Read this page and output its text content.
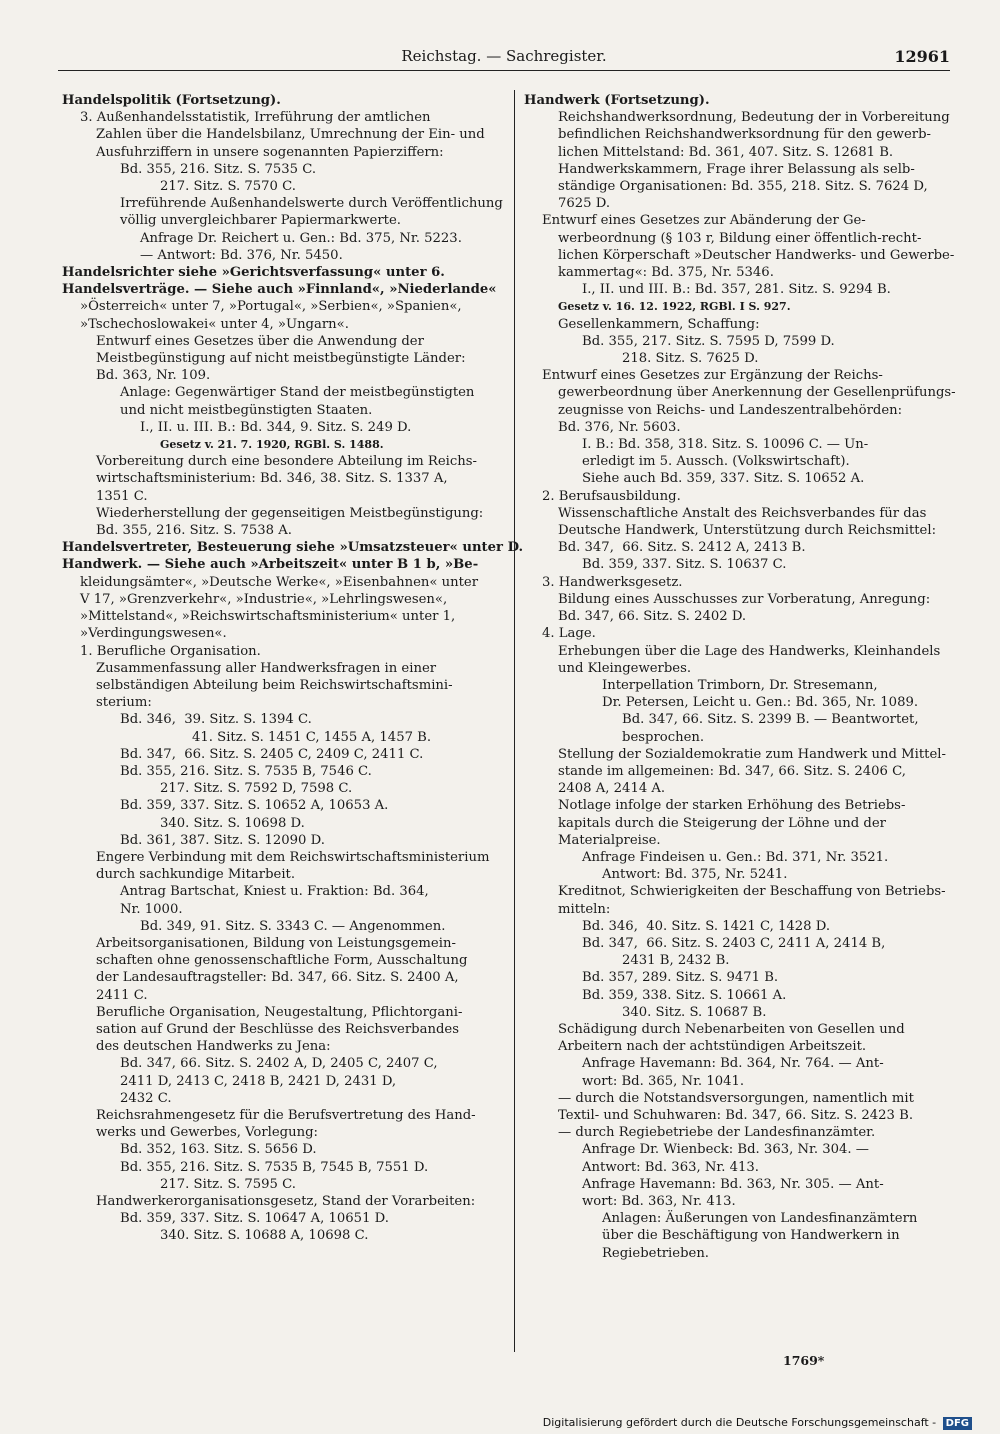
Reichstag. — Sachregister.	12961
Handelspolitik (Fortsetzung).
3. Außenhandelsstatistik, Irreführung der amtlichen
Zahlen über die Handelsbilanz, Umrechnung der Ein- und
Ausfuhrziffern in unsere sogenannten Papierziffern:
Bd. 355, 216. Sitz. S. 7535 C.
217. Sitz. S. 7570 C.
Irreführende Außenhandelswerte durch Veröffentlichung
völlig unvergleichbarer Papiermarkwerte.
Anfrage Dr. Reichert u. Gen.: Bd. 375, Nr. 5223.
— Antwort: Bd. 376, Nr. 5450.
Handelsrichter siehe »Gerichtsverfassung« unter 6.
Handelsverträge. — Siehe auch »Finnland«, »Niederlande«
»Österreich« unter 7, »Portugal«, »Serbien«, »Spanien«,
»Tschechoslowakei« unter 4, »Ungarn«.
Entwurf eines Gesetzes über die Anwendung der
Meistbegünstigung auf nicht meistbegünstigte Länder:
Bd. 363, Nr. 109.
Anlage: Gegenwärtiger Stand der meistbegünstigten
und nicht meistbegünstigten Staaten.
I., II. u. III. B.: Bd. 344, 9. Sitz. S. 249 D.
Gesetz v. 21. 7. 1920, RGBl. S. 1488.
Vorbereitung durch eine besondere Abteilung im Reichs-
wirtschaftsministerium: Bd. 346, 38. Sitz. S. 1337 A,
1351 C.
Wiederherstellung der gegenseitigen Meistbegünstigung:
Bd. 355, 216. Sitz. S. 7538 A.
Handelsvertreter, Besteuerung siehe »Umsatzsteuer« unter D.
Handwerk. — Siehe auch »Arbeitszeit« unter B 1 b, »Be-
kleidungsämter«, »Deutsche Werke«, »Eisenbahnen« unter
V 17, »Grenzverkehr«, »Industrie«, »Lehrlingswesen«,
»Mittelstand«, »Reichswirtschaftsministerium« unter 1,
»Verdingungswesen«.
1. Berufliche Organisation.
Zusammenfassung aller Handwerksfragen in einer
selbständigen Abteilung beim Reichswirtschaftsmini-
sterium:
Bd. 346,  39. Sitz. S. 1394 C.
41. Sitz. S. 1451 C, 1455 A, 1457 B.
Bd. 347,  66. Sitz. S. 2405 C, 2409 C, 2411 C.
Bd. 355, 216. Sitz. S. 7535 B, 7546 C.
217. Sitz. S. 7592 D, 7598 C.
Bd. 359, 337. Sitz. S. 10652 A, 10653 A.
340. Sitz. S. 10698 D.
Bd. 361, 387. Sitz. S. 12090 D.
Engere Verbindung mit dem Reichswirtschaftsministerium
durch sachkundige Mitarbeit.
Antrag Bartschat, Kniest u. Fraktion: Bd. 364,
Nr. 1000.
Bd. 349, 91. Sitz. S. 3343 C. — Angenommen.
Arbeitsorganisationen, Bildung von Leistungsgemein-
schaften ohne genossenschaftliche Form, Ausschaltung
der Landesauftragsteller: Bd. 347, 66. Sitz. S. 2400 A,
2411 C.
Berufliche Organisation, Neugestaltung, Pflichtorgani-
sation auf Grund der Beschlüsse des Reichsverbandes
des deutschen Handwerks zu Jena:
Bd. 347, 66. Sitz. S. 2402 A, D, 2405 C, 2407 C,
2411 D, 2413 C, 2418 B, 2421 D, 2431 D,
2432 C.
Reichsrahmengesetz für die Berufsvertretung des Hand-
werks und Gewerbes, Vorlegung:
Bd. 352, 163. Sitz. S. 5656 D.
Bd. 355, 216. Sitz. S. 7535 B, 7545 B, 7551 D.
217. Sitz. S. 7595 C.
Handwerkerorganisationsgesetz, Stand der Vorarbeiten:
Bd. 359, 337. Sitz. S. 10647 A, 10651 D.
340. Sitz. S. 10688 A, 10698 C.
Handwerk (Fortsetzung).
Reichshandwerksordnung, Bedeutung der in Vorbereitung
befindlichen Reichshandwerksordnung für den gewerb-
lichen Mittelstand: Bd. 361, 407. Sitz. S. 12681 B.
Handwerkskammern, Frage ihrer Belassung als selb-
ständige Organisationen: Bd. 355, 218. Sitz. S. 7624 D,
7625 D.
Entwurf eines Gesetzes zur Abänderung der Ge-
werbeordnung (§ 103 r, Bildung einer öffentlich-recht-
lichen Körperschaft »Deutscher Handwerks- und Gewerbe-
kammertag«: Bd. 375, Nr. 5346.
I., II. und III. B.: Bd. 357, 281. Sitz. S. 9294 B.
Gesetz v. 16. 12. 1922, RGBl. I S. 927.
Gesellenkammern, Schaffung:
Bd. 355, 217. Sitz. S. 7595 D, 7599 D.
218. Sitz. S. 7625 D.
Entwurf eines Gesetzes zur Ergänzung der Reichs-
gewerbeordnung über Anerkennung der Gesellenprüfungs-
zeugnisse von Reichs- und Landeszentralbehörden:
Bd. 376, Nr. 5603.
I. B.: Bd. 358, 318. Sitz. S. 10096 C. — Un-
erledigt im 5. Aussch. (Volkswirtschaft).
Siehe auch Bd. 359, 337. Sitz. S. 10652 A.
2. Berufsausbildung.
Wissenschaftliche Anstalt des Reichsverbandes für das
Deutsche Handwerk, Unterstützung durch Reichsmittel:
Bd. 347,  66. Sitz. S. 2412 A, 2413 B.
Bd. 359, 337. Sitz. S. 10637 C.
3. Handwerksgesetz.
Bildung eines Ausschusses zur Vorberatung, Anregung:
Bd. 347, 66. Sitz. S. 2402 D.
4. Lage.
Erhebungen über die Lage des Handwerks, Kleinhandels
und Kleingewerbes.
Interpellation Trimborn, Dr. Stresemann,
Dr. Petersen, Leicht u. Gen.: Bd. 365, Nr. 1089.
Bd. 347, 66. Sitz. S. 2399 B. — Beantwortet,
besprochen.
Stellung der Sozialdemokratie zum Handwerk und Mittel-
stande im allgemeinen: Bd. 347, 66. Sitz. S. 2406 C,
2408 A, 2414 A.
Notlage infolge der starken Erhöhung des Betriebs-
kapitals durch die Steigerung der Löhne und der
Materialpreise.
Anfrage Findeisen u. Gen.: Bd. 371, Nr. 3521.
Antwort: Bd. 375, Nr. 5241.
Kreditnot, Schwierigkeiten der Beschaffung von Betriebs-
mitteln:
Bd. 346,  40. Sitz. S. 1421 C, 1428 D.
Bd. 347,  66. Sitz. S. 2403 C, 2411 A, 2414 B,
2431 B, 2432 B.
Bd. 357, 289. Sitz. S. 9471 B.
Bd. 359, 338. Sitz. S. 10661 A.
340. Sitz. S. 10687 B.
Schädigung durch Nebenarbeiten von Gesellen und
Arbeitern nach der achtstündigen Arbeitszeit.
Anfrage Havemann: Bd. 364, Nr. 764. — Ant-
wort: Bd. 365, Nr. 1041.
— durch die Notstandsversorgungen, namentlich mit
Textil- und Schuhwaren: Bd. 347, 66. Sitz. S. 2423 B.
— durch Regiebetriebe der Landesfinanzämter.
Anfrage Dr. Wienbeck: Bd. 363, Nr. 304. —
Antwort: Bd. 363, Nr. 413.
Anfrage Havemann: Bd. 363, Nr. 305. — Ant-
wort: Bd. 363, Nr. 413.
Anlagen: Äußerungen von Landesfinanzämtern
über die Beschäftigung von Handwerkern in
Regiebetrieben.
1769*
Digitalisierung gefördert durch die Deutsche Forschungsgemeinschaft - DFG
